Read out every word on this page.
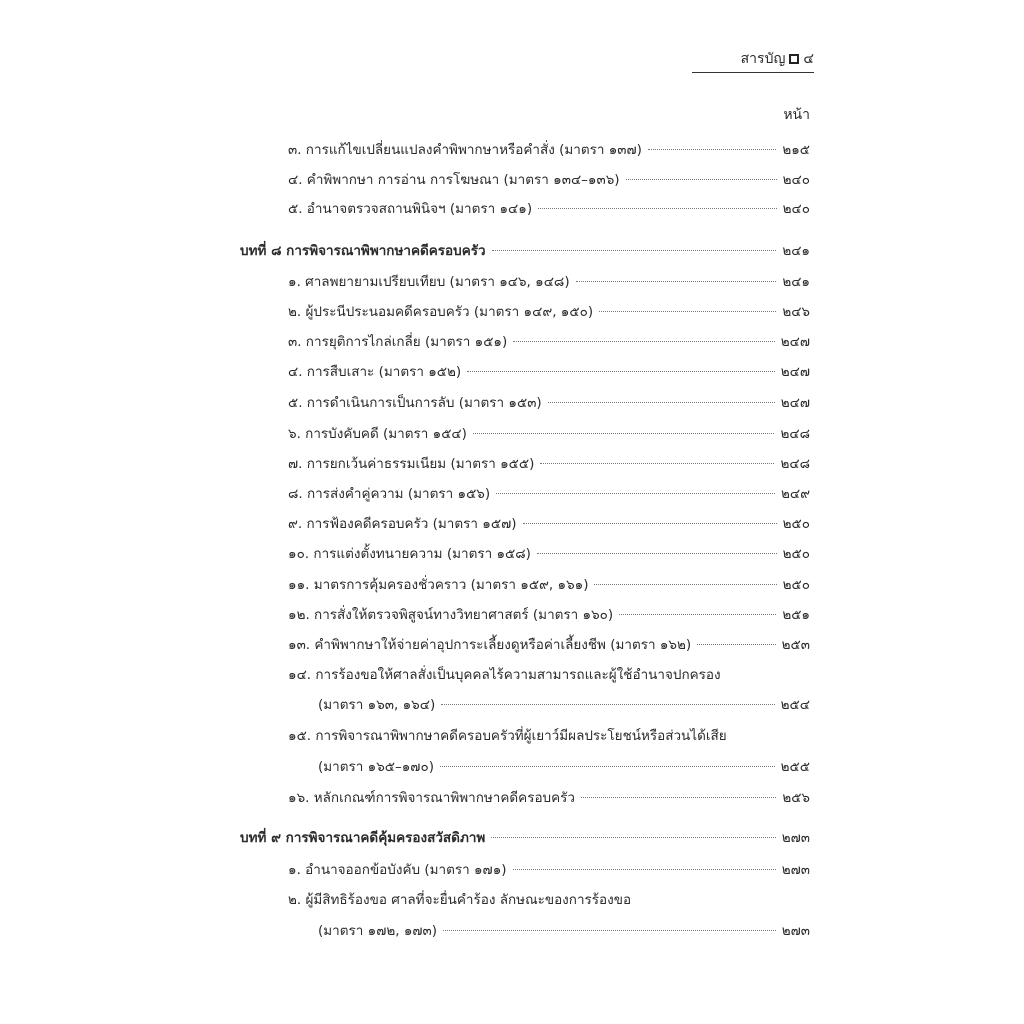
สารบัญ ๔
หน้า
๓. การแก้ไขเปลี่ยนแปลงคำพิพากษาหรือคำสั่ง (มาตรา ๑๓๗)	๒๑๕
๔. คำพิพากษา การอ่าน การโฆษณา (มาตรา ๑๓๔–๑๓๖)	๒๔๐
๕. อำนาจตรวจสถานพินิจฯ (มาตรา ๑๔๑)	๒๔๐
บทที่ ๘ การพิจารณาพิพากษาคดีครอบครัว	๒๔๑
๑. ศาลพยายามเปรียบเทียบ (มาตรา ๑๔๖, ๑๔๘)	๒๔๑
๒. ผู้ประนีประนอมคดีครอบครัว (มาตรา ๑๔๙, ๑๕๐)	๒๔๖
๓. การยุติการไกล่เกลี่ย (มาตรา ๑๕๑)	๒๔๗
๔. การสืบเสาะ (มาตรา ๑๕๒)	๒๔๗
๕. การดำเนินการเป็นการลับ (มาตรา ๑๕๓)	๒๔๗
๖. การบังคับคดี (มาตรา ๑๕๔)	๒๔๘
๗. การยกเว้นค่าธรรมเนียม (มาตรา ๑๕๕)	๒๔๘
๘. การส่งคำคู่ความ (มาตรา ๑๕๖)	๒๔๙
๙. การฟ้องคดีครอบครัว (มาตรา ๑๕๗)	๒๕๐
๑๐. การแต่งตั้งทนายความ (มาตรา ๑๕๘)	๒๕๐
๑๑. มาตรการคุ้มครองชั่วคราว (มาตรา ๑๕๙, ๑๖๑)	๒๕๐
๑๒. การสั่งให้ตรวจพิสูจน์ทางวิทยาศาสตร์ (มาตรา ๑๖๐)	๒๕๑
๑๓. คำพิพากษาให้จ่ายค่าอุปการะเลี้ยงดูหรือค่าเลี้ยงชีพ (มาตรา ๑๖๒)	๒๕๓
๑๔. การร้องขอให้ศาลสั่งเป็นบุคคลไร้ความสามารถและผู้ใช้อำนาจปกครอง
(มาตรา ๑๖๓, ๑๖๔)	๒๕๔
๑๕. การพิจารณาพิพากษาคดีครอบครัวที่ผู้เยาว์มีผลประโยชน์หรือส่วนได้เสีย
(มาตรา ๑๖๕–๑๗๐)	๒๕๕
๑๖. หลักเกณฑ์การพิจารณาพิพากษาคดีครอบครัว	๒๕๖
บทที่ ๙ การพิจารณาคดีคุ้มครองสวัสดิภาพ	๒๗๓
๑. อำนาจออกข้อบังคับ (มาตรา ๑๗๑)	๒๗๓
๒. ผู้มีสิทธิร้องขอ ศาลที่จะยื่นคำร้อง ลักษณะของการร้องขอ
(มาตรา ๑๗๒, ๑๗๓)	๒๗๓
